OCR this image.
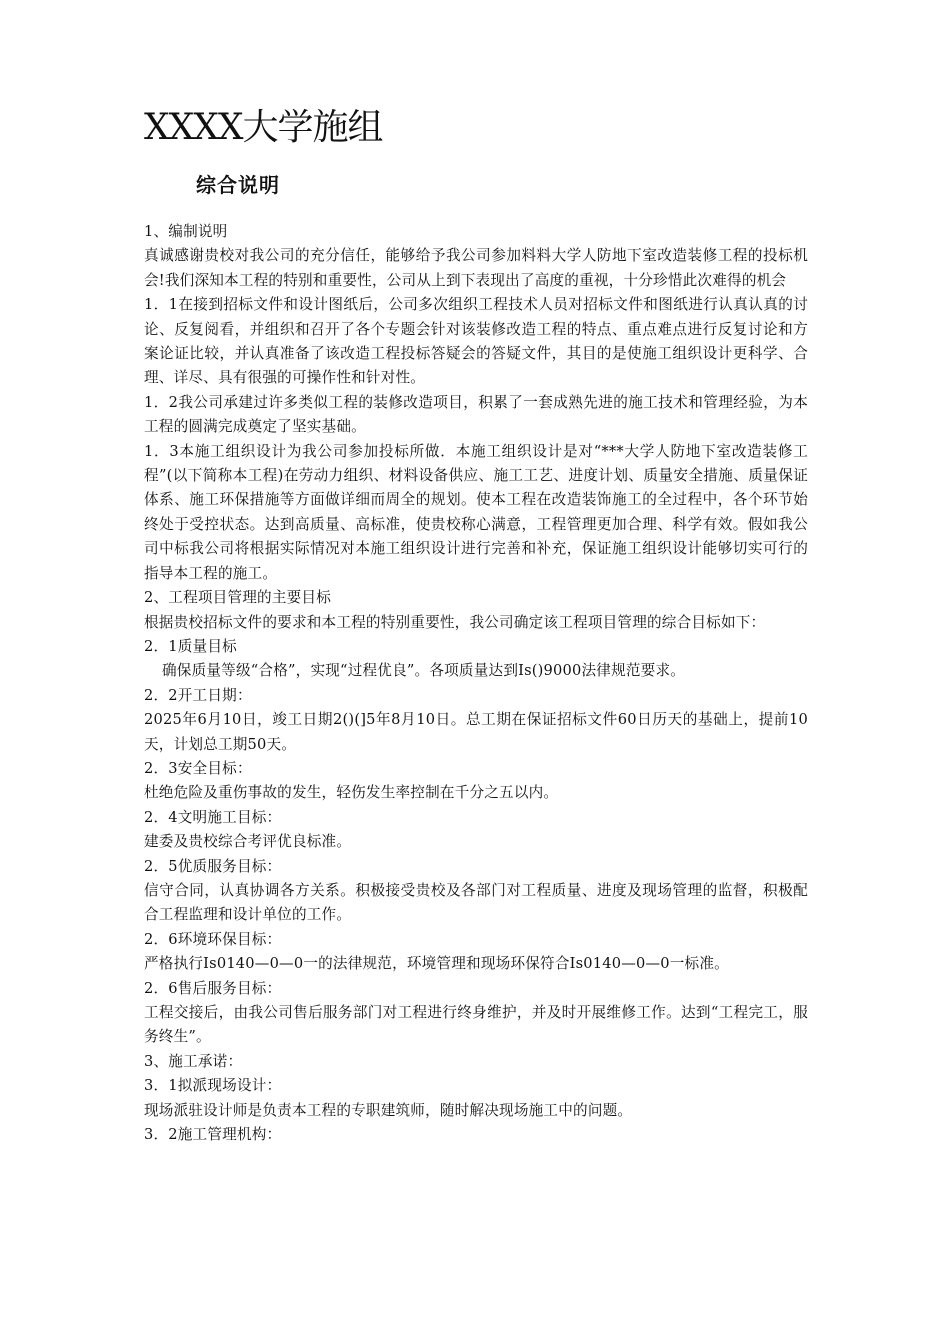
XXXX大学施组
综合说明

1、编制说明

真诚感谢贵校对我公司的充分信任，能够给予我公司参加料料大学人防地下室改造装修工程的投标机会!我们深知本工程的特别和重要性，公司从上到下表现出了高度的重视，十分珍惜此次难得的机会

1．1在接到招标文件和设计图纸后，公司多次组织工程技术人员对招标文件和图纸进行认真认真的讨论、反复阅看，并组织和召开了各个专题会针对该装修改造工程的特点、重点难点进行反复讨论和方案论证比较，并认真准备了该改造工程投标答疑会的答疑文件，其目的是使施工组织设计更科学、合理、详尽、具有很强的可操作性和针对性。

1．2我公司承建过许多类似工程的装修改造项目，积累了一套成熟先进的施工技术和管理经验，为本工程的圆满完成奠定了坚实基础。

1．3本施工组织设计为我公司参加投标所做．本施工组织设计是对“***大学人防地下室改造装修工程”(以下简称本工程)在劳动力组织、材料设备供应、施工工艺、进度计划、质量安全措施、质量保证体系、施工环保措施等方面做详细而周全的规划。使本工程在改造装饰施工的全过程中，各个环节始终处于受控状态。达到高质量、高标准，使贵校称心满意，工程管理更加合理、科学有效。假如我公司中标我公司将根据实际情况对本施工组织设计进行完善和补充，保证施工组织设计能够切实可行的指导本工程的施工。

2、工程项目管理的主要目标

根据贵校招标文件的要求和本工程的特别重要性，我公司确定该工程项目管理的综合目标如下：

2．1质量目标

确保质量等级“合格”，实现“过程优良”。各项质量达到Is()9000法律规范要求。

2．2开工日期：

2025年6月10日，竣工日期2()(]5年8月10日。总工期在保证招标文件60日历天的基础上，提前10天，计划总工期50天。

2．3安全目标：

杜绝危险及重伤事故的发生，轻伤发生率控制在千分之五以内。

2．4文明施工目标：

建委及贵校综合考评优良标准。

2．5优质服务目标：

信守合同，认真协调各方关系。积极接受贵校及各部门对工程质量、进度及现场管理的监督，积极配合工程监理和设计单位的工作。

2．6环境环保目标：

严格执行Is0140—0—0一的法律规范，环境管理和现场环保符合Is0140—0—0一标准。

2．6售后服务目标：

工程交接后，由我公司售后服务部门对工程进行终身维护，并及时开展维修工作。达到“工程完工，服务终生”。

3、施工承诺：

3．1拟派现场设计：

现场派驻设计师是负责本工程的专职建筑师，随时解决现场施工中的问题。

3．2施工管理机构：
